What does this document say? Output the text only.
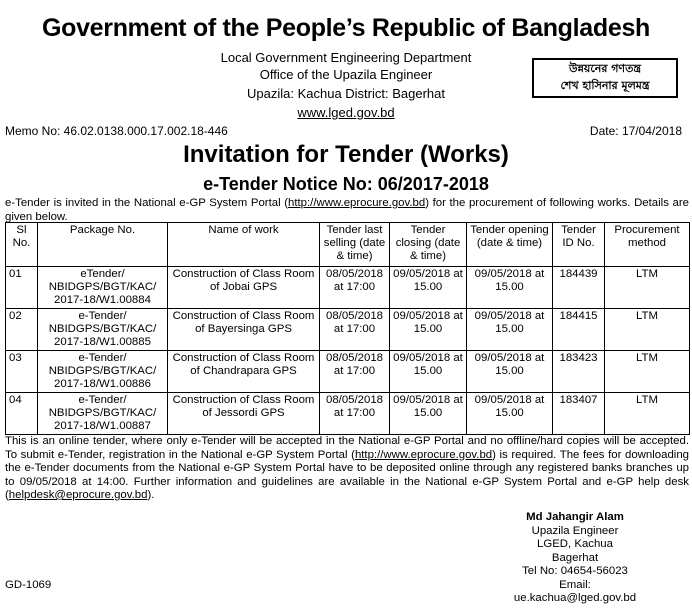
Government of the People’s Republic of Bangladesh
Local Government Engineering Department
Office of the Upazila Engineer
Upazila: Kachua District: Bagerhat
www.lged.gov.bd
উন্নয়নের গণতন্ত্র
শেখ হাসিনার মূলমন্ত্র
Memo No: 46.02.0138.000.17.002.18-446	Date: 17/04/2018
Invitation for Tender (Works)
e-Tender Notice No: 06/2017-2018
e-Tender is invited in the National e-GP System Portal (http://www.eprocure.gov.bd) for the procurement of following works. Details are given below.
Sl No.	Package No.	Name of work	Tender last selling (date & time)	Tender closing (date & time)	Tender opening (date & time)	Tender ID No.	Procurement method
01	eTender/ NBIDGPS/BGT/KAC/ 2017-18/W1.00884	Construction of Class Room of Jobai GPS	08/05/2018 at 17:00	09/05/2018 at 15.00	09/05/2018 at 15.00	184439	LTM
02	e-Tender/ NBIDGPS/BGT/KAC/ 2017-18/W1.00885	Construction of Class Room of Bayersinga GPS	08/05/2018 at 17:00	09/05/2018 at 15.00	09/05/2018 at 15.00	184415	LTM
03	e-Tender/ NBIDGPS/BGT/KAC/ 2017-18/W1.00886	Construction of Class Room of Chandrapara GPS	08/05/2018 at 17:00	09/05/2018 at 15.00	09/05/2018 at 15.00	183423	LTM
04	e-Tender/ NBIDGPS/BGT/KAC/ 2017-18/W1.00887	Construction of Class Room of Jessordi GPS	08/05/2018 at 17:00	09/05/2018 at 15.00	09/05/2018 at 15.00	183407	LTM
This is an online tender, where only e-Tender will be accepted in the National e-GP Portal and no offline/hard copies will be accepted. To submit e-Tender, registration in the National e-GP System Portal (http://www.eprocure.gov.bd) is required. The fees for downloading the e-Tender documents from the National e-GP System Portal have to be deposited online through any registered banks branches up to 09/05/2018 at 14:00. Further information and guidelines are available in the National e-GP System Portal and e-GP help desk (helpdesk@eprocure.gov.bd).
Md Jahangir Alam
Upazila Engineer
LGED, Kachua
Bagerhat
Tel No: 04654-56023
Email: ue.kachua@lged.gov.bd
GD-1069
